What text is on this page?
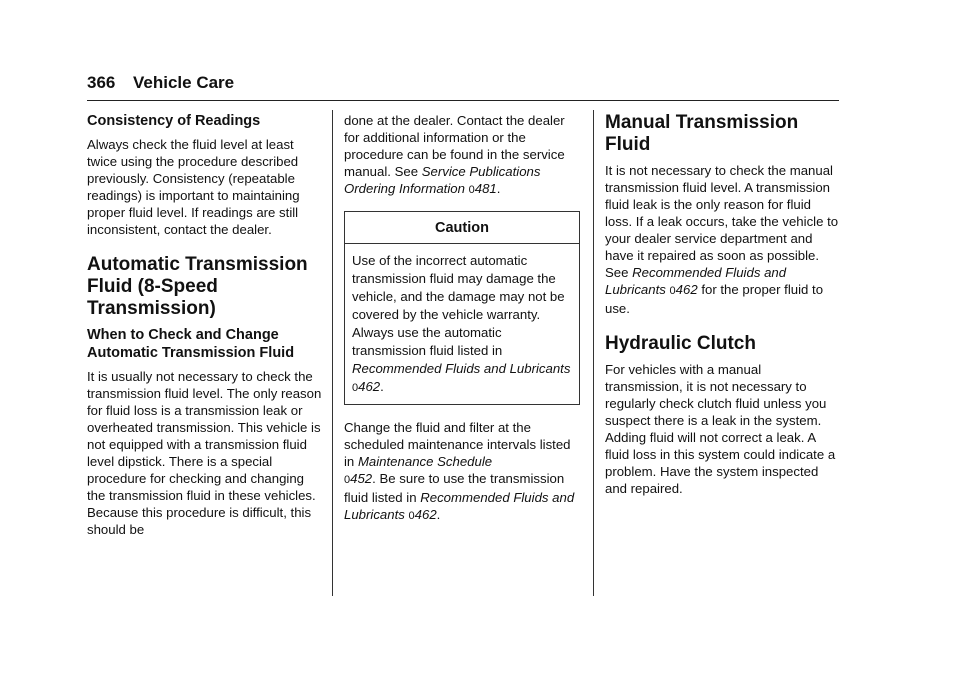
366 Vehicle Care
Consistency of Readings

Always check the fluid level at least twice using the procedure described previously. Consistency (repeatable readings) is important to maintaining proper fluid level. If readings are still inconsistent, contact the dealer.

Automatic Transmission Fluid (8-Speed Transmission)
When to Check and Change Automatic Transmission Fluid

It is usually not necessary to check the transmission fluid level. The only reason for fluid loss is a transmission leak or overheated transmission. This vehicle is not equipped with a transmission fluid level dipstick. There is a special procedure for checking and changing the transmission fluid in these vehicles. Because this procedure is difficult, this should be

done at the dealer. Contact the dealer for additional information or the procedure can be found in the service manual. See Service Publications Ordering Information 0481.

Caution

Use of the incorrect automatic transmission fluid may damage the vehicle, and the damage may not be covered by the vehicle warranty. Always use the automatic transmission fluid listed in Recommended Fluids and Lubricants 0462.

Change the fluid and filter at the scheduled maintenance intervals listed in Maintenance Schedule
0452. Be sure to use the transmission fluid listed in Recommended Fluids and Lubricants 0462.

Manual Transmission Fluid

It is not necessary to check the manual transmission fluid level. A transmission fluid leak is the only reason for fluid loss. If a leak occurs, take the vehicle to your dealer service department and have it repaired as soon as possible. See Recommended Fluids and Lubricants 0462 for the proper fluid to use.

Hydraulic Clutch

For vehicles with a manual transmission, it is not necessary to regularly check clutch fluid unless you suspect there is a leak in the system. Adding fluid will not correct a leak. A fluid loss in this system could indicate a problem. Have the system inspected and repaired.
